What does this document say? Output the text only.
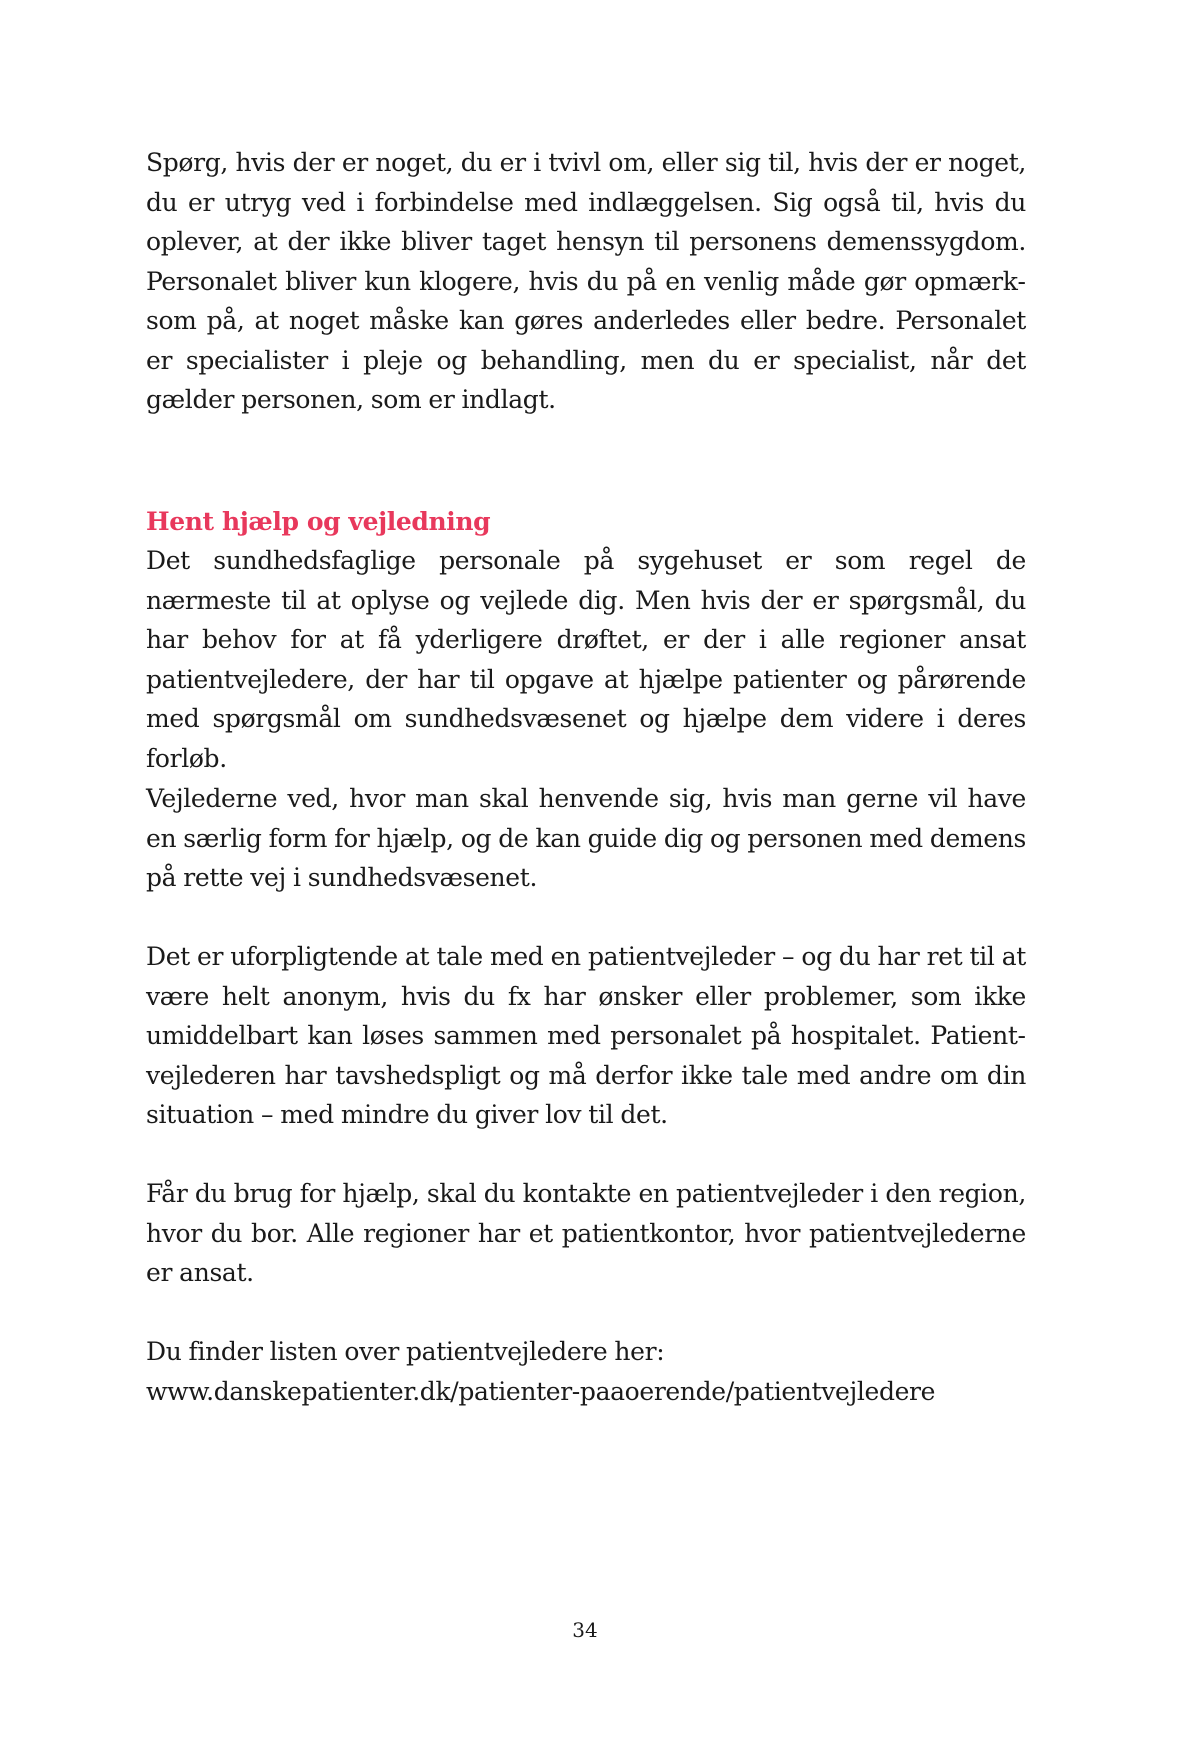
Spørg, hvis der er noget, du er i tvivl om, eller sig til, hvis der er noget, du er utryg ved i forbindelse med indlæggelsen. Sig også til, hvis du oplever, at der ikke bliver taget hensyn til personens demenssygdom. Personalet bliver kun klogere, hvis du på en venlig måde gør opmærksom på, at noget måske kan gøres anderledes eller bedre. Personalet er specialister i pleje og behandling, men du er specialist, når det gælder personen, som er indlagt.

Hent hjælp og vejledning

Det sundhedsfaglige personale på sygehuset er som regel de nærmeste til at oplyse og vejlede dig. Men hvis der er spørgsmål, du har behov for at få yderligere drøftet, er der i alle regioner ansat patientvejledere, der har til opgave at hjælpe patienter og pårørende med spørgsmål om sundhedsvæsenet og hjælpe dem videre i deres forløb.

Vejlederne ved, hvor man skal henvende sig, hvis man gerne vil have en særlig form for hjælp, og de kan guide dig og personen med demens på rette vej i sundhedsvæsenet.

Det er uforpligtende at tale med en patientvejleder – og du har ret til at være helt anonym, hvis du fx har ønsker eller problemer, som ikke umiddelbart kan løses sammen med personalet på hospitalet. Patientvejlederen har tavshedspligt og må derfor ikke tale med andre om din situation – med mindre du giver lov til det.

Får du brug for hjælp, skal du kontakte en patientvejleder i den region, hvor du bor. Alle regioner har et patientkontor, hvor patientvejlederne er ansat.

Du finder listen over patientvejledere her:
www.danskepatienter.dk/patienter-paaoerende/patientvejledere
34
